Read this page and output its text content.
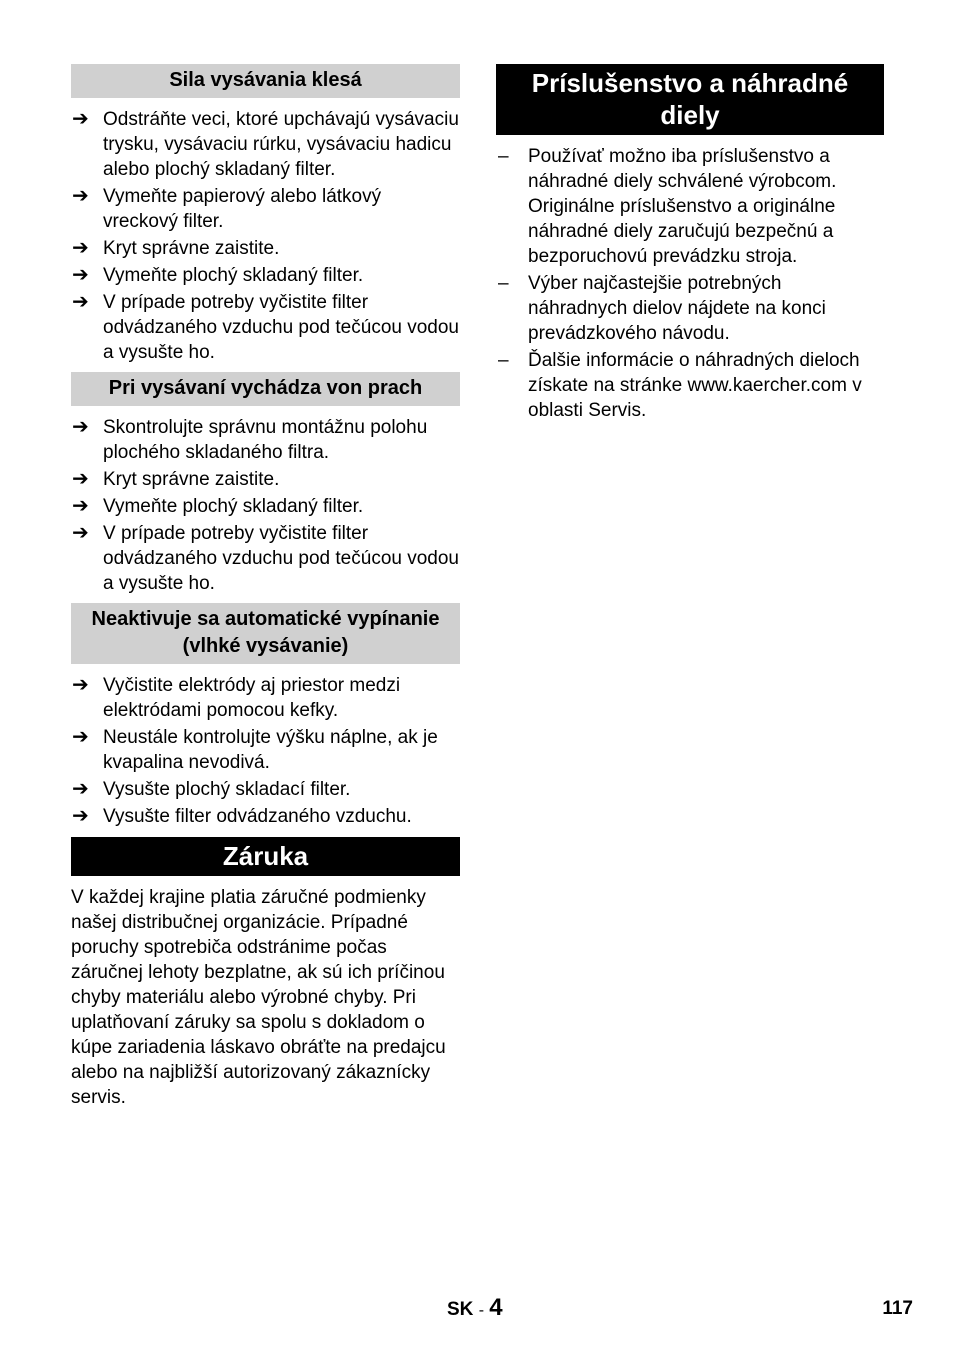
Sila vysávania klesá
➔ Odstráňte veci, ktoré upchávajú vysávaciu trysku, vysávaciu rúrku, vysávaciu hadicu alebo plochý skladaný filter.
➔ Vymeňte papierový alebo látkový vreckový filter.
➔ Kryt správne zaistite.
➔ Vymeňte plochý skladaný filter.
➔ V prípade potreby vyčistite filter odvádzaného vzduchu pod tečúcou vodou a vysušte ho.
Pri vysávaní vychádza von prach
➔ Skontrolujte správnu montážnu polohu plochého skladaného filtra.
➔ Kryt správne zaistite.
➔ Vymeňte plochý skladaný filter.
➔ V prípade potreby vyčistite filter odvádzaného vzduchu pod tečúcou vodou a vysušte ho.
Neaktivuje sa automatické vypínanie (vlhké vysávanie)
➔ Vyčistite elektródy aj priestor medzi elektródami pomocou kefky.
➔ Neustále kontrolujte výšku náplne, ak je kvapalina nevodivá.
➔ Vysušte plochý skladací filter.
➔ Vysušte filter odvádzaného vzduchu.
Záruka

V každej krajine platia záručné podmienky našej distribučnej organizácie. Prípadné poruchy spotrebiča odstránime počas záručnej lehoty bezplatne, ak sú ich príčinou chyby materiálu alebo výrobné chyby. Pri uplatňovaní záruky sa spolu s dokladom o kúpe zariadenia láskavo obráťte na predajcu alebo na najbližší autorizovaný zákaznícky servis.

Príslušenstvo a náhradné diely
– Používať možno iba príslušenstvo a náhradné diely schválené výrobcom. Originálne príslušenstvo a originálne náhradné diely zaručujú bezpečnú a bezporuchovú prevádzku stroja.
– Výber najčastejšie potrebných náhradnych dielov nájdete na konci prevádzkového návodu.
– Ďalšie informácie o náhradných dieloch získate na stránke www.kaercher.com v oblasti Servis.
SK - 4	117
